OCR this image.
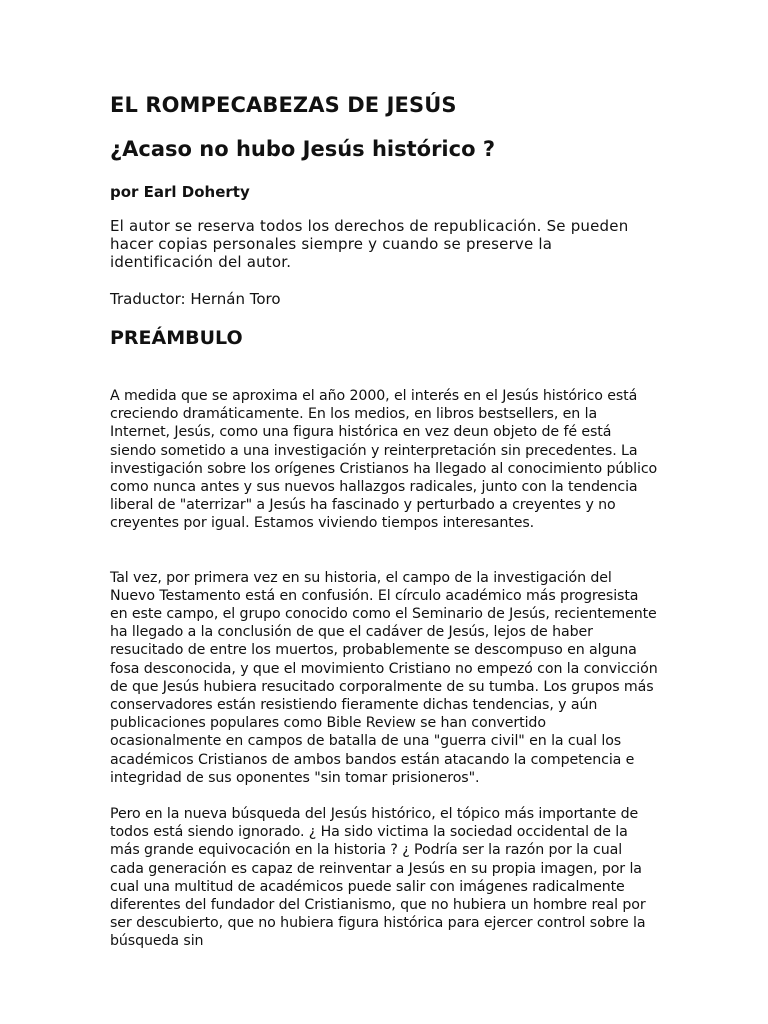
EL ROMPECABEZAS DE JESÚS
¿Acaso no hubo Jesús histórico ?

por Earl Doherty

El autor se reserva todos los derechos de republicación. Se pueden hacer copias personales siempre y cuando se preserve la identificación del autor.

Traductor: Hernán Toro

PREÁMBULO

A medida que se aproxima el año 2000, el interés en el Jesús histórico está creciendo dramáticamente. En los medios, en libros bestsellers, en la Internet, Jesús, como una figura histórica en vez deun objeto de fé está siendo sometido a una investigación y reinterpretación sin precedentes. La investigación sobre los orígenes Cristianos ha llegado al conocimiento público como nunca antes y sus nuevos hallazgos radicales, junto con la tendencia liberal de "aterrizar" a Jesús ha fascinado y perturbado a creyentes y no creyentes por igual. Estamos viviendo tiempos interesantes.

Tal vez, por primera vez en su historia, el campo de la investigación del Nuevo Testamento está en confusión. El círculo académico más progresista en este campo, el grupo conocido como el Seminario de Jesús, recientemente ha llegado a la conclusión de que el cadáver de Jesús, lejos de haber resucitado de entre los muertos, probablemente se descompuso en alguna fosa desconocida, y que el movimiento Cristiano no empezó con la convicción de que Jesús hubiera resucitado corporalmente de su tumba. Los grupos más conservadores están resistiendo fieramente dichas tendencias, y aún publicaciones populares como Bible Review se han convertido ocasionalmente en campos de batalla de una "guerra civil" en la cual los académicos Cristianos de ambos bandos están atacando la competencia e integridad de sus oponentes "sin tomar prisioneros".

Pero en la nueva búsqueda del Jesús histórico, el tópico más importante de todos está siendo ignorado. ¿ Ha sido victima la sociedad occidental de la más grande equivocación en la historia ? ¿ Podría ser la razón por la cual cada generación es capaz de reinventar a Jesús en su propia imagen, por la cual una multitud de académicos puede salir con imágenes radicalmente diferentes del fundador del Cristianismo, que no hubiera un hombre real por ser descubierto, que no hubiera figura histórica para ejercer control sobre la búsqueda sin
